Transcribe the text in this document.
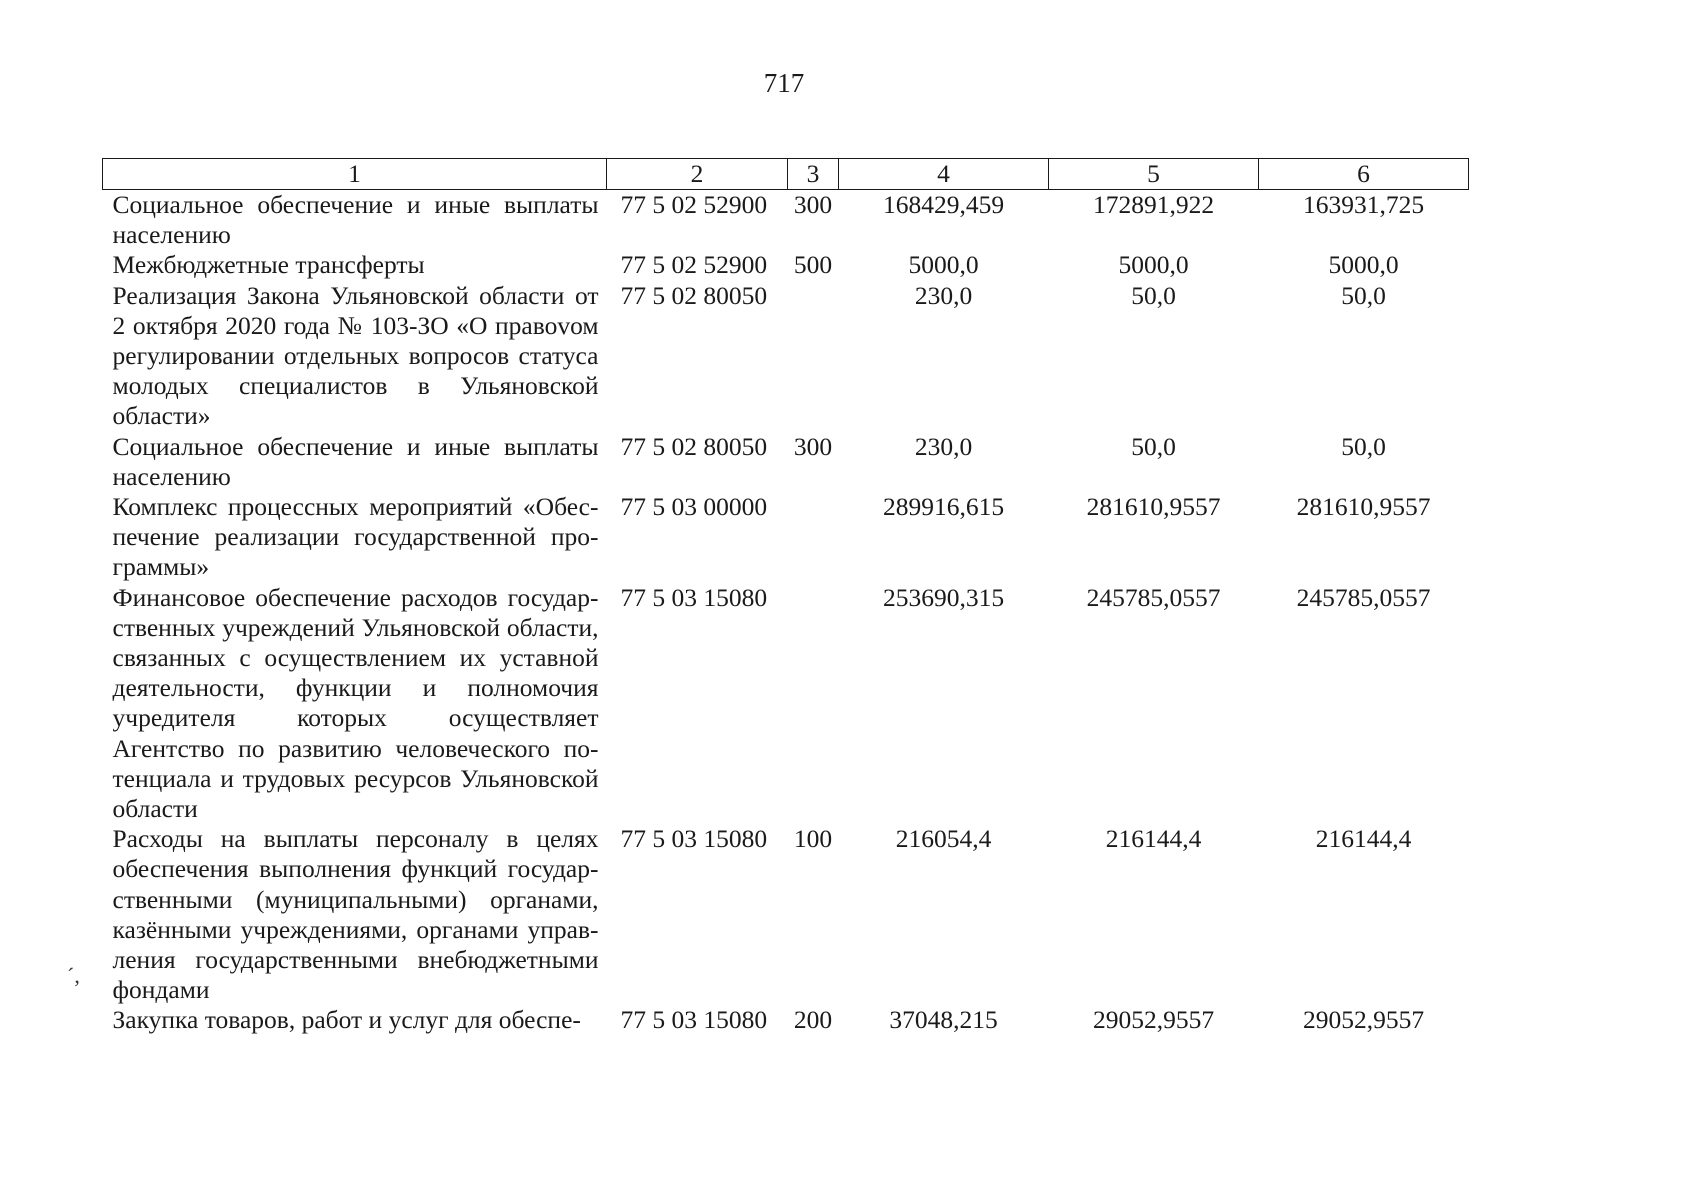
717
´,
1	2	3	4	5	6
Социальное обеспечение и иные выплаты населению	77 5 02 52900	300	168429,459	172891,922	163931,725
Межбюджетные трансферты	77 5 02 52900	500	5000,0	5000,0	5000,0
Реализация Закона Ульяновской области от 2 октября 2020 года № 103-ЗО «О правоvом регулировании отдельных вопросов статуса молодых специалистов в Ульяновской области»	77 5 02 80050		230,0	50,0	50,0
Социальное обеспечение и иные выплаты населению	77 5 02 80050	300	230,0	50,0	50,0
Комплекс процессных мероприятий «Обеспечение реализации государственной программы»	77 5 03 00000		289916,615	281610,9557	281610,9557
Финансовое обеспечение расходов государственных учреждений Ульяновской области, связанных с осуществлением их уставной деятельности, функции и полномочия учредителя которых осуществляет Агентство по развитию человеческого потенциала и трудовых ресурсов Ульяновской области	77 5 03 15080		253690,315	245785,0557	245785,0557
Расходы на выплаты персоналу в целях обеспечения выполнения функций государственными (муниципальными) органами, казёнными учреждениями, органами управления государственными внебюджетными фондами	77 5 03 15080	100	216054,4	216144,4	216144,4
Закупка товаров, работ и услуг для обеспе-	77 5 03 15080	200	37048,215	29052,9557	29052,9557
